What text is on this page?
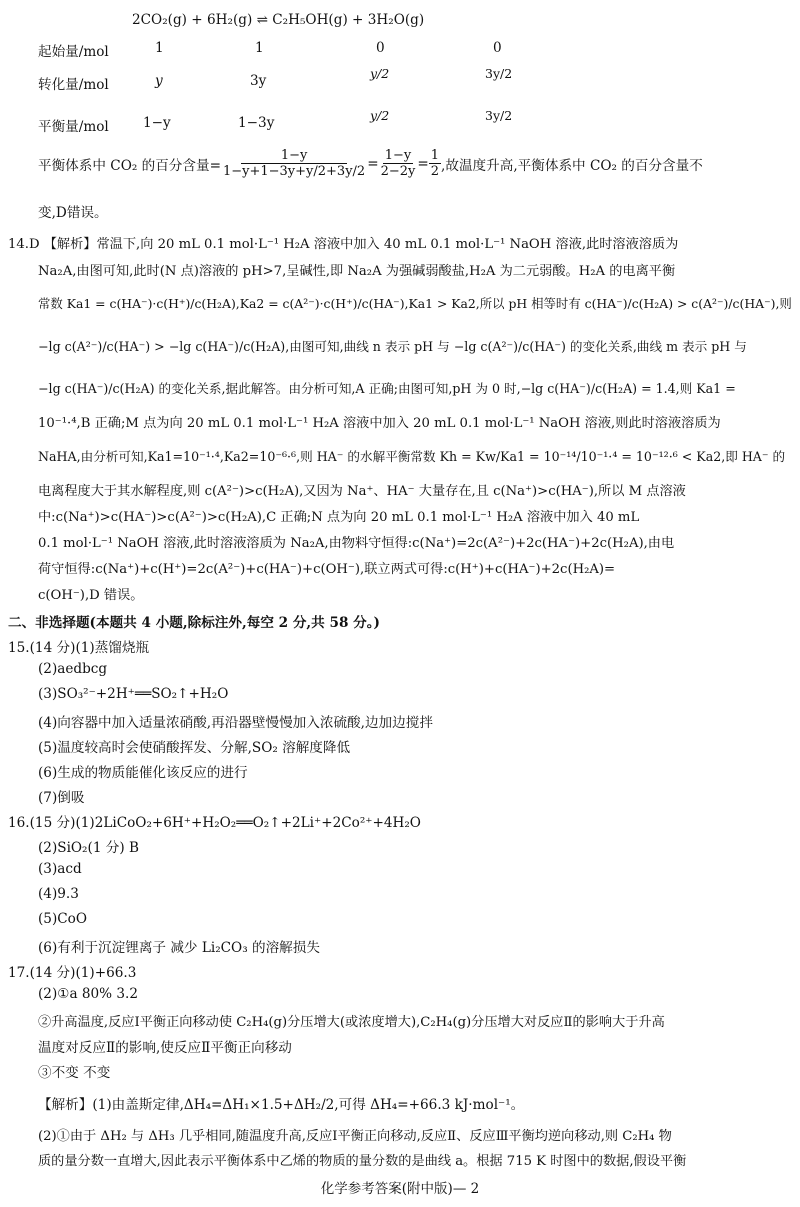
2CO₂(g) + 6H₂(g) ⇌ C₂H₅OH(g) + 3H₂O(g)
起始量/mol	1	1	0	0
转化量/mol	y	3y	y/2	3y/2
平衡量/mol	1−y	1−3y	y/2	3y/2
平衡体系中 CO₂ 的百分含量= $\frac{1-y}{1-y+1-3y+y/2+3y/2} = \frac{1-y}{2-2y} = \frac{1}{2}$ ,故温度升高,平衡体系中 CO₂ 的百分含量不
变,D错误。
14.D 【解析】常温下,向 20 mL 0.1 mol·L⁻¹ H₂A 溶液中加入 40 mL 0.1 mol·L⁻¹ NaOH 溶液,此时溶液溶质为
Na₂A,由图可知,此时(N 点)溶液的 pH>7,呈碱性,即 Na₂A 为强碱弱酸盐,H₂A 为二元弱酸。H₂A 的电离平衡
常数 Ka1 = c(HA⁻)·c(H⁺)/c(H₂A),Ka2 = c(A²⁻)·c(H⁺)/c(HA⁻),Ka1 > Ka2,所以 pH 相等时有 c(HA⁻)/c(H₂A) > c(A²⁻)/c(HA⁻),则
−lg c(A²⁻)/c(HA⁻) > −lg c(HA⁻)/c(H₂A),由图可知,曲线 n 表示 pH 与 −lg c(A²⁻)/c(HA⁻) 的变化关系,曲线 m 表示 pH 与
−lg c(HA⁻)/c(H₂A) 的变化关系,据此解答。由分析可知,A 正确;由图可知,pH 为 0 时,−lg c(HA⁻)/c(H₂A) = 1.4,则 Ka1 =
10⁻¹·⁴,B 正确;M 点为向 20 mL 0.1 mol·L⁻¹ H₂A 溶液中加入 20 mL 0.1 mol·L⁻¹ NaOH 溶液,则此时溶液溶质为
NaHA,由分析可知,Ka1=10⁻¹·⁴,Ka2=10⁻⁶·⁶,则 HA⁻ 的水解平衡常数 Kh = Kw/Ka1 = 10⁻¹⁴/10⁻¹·⁴ = 10⁻¹²·⁶ < Ka2,即 HA⁻ 的
电离程度大于其水解程度,则 c(A²⁻)>c(H₂A),又因为 Na⁺、HA⁻ 大量存在,且 c(Na⁺)>c(HA⁻),所以 M 点溶液
中:c(Na⁺)>c(HA⁻)>c(A²⁻)>c(H₂A),C 正确;N 点为向 20 mL 0.1 mol·L⁻¹ H₂A 溶液中加入 40 mL
0.1 mol·L⁻¹ NaOH 溶液,此时溶液溶质为 Na₂A,由物料守恒得:c(Na⁺)=2c(A²⁻)+2c(HA⁻)+2c(H₂A),由电
荷守恒得:c(Na⁺)+c(H⁺)=2c(A²⁻)+c(HA⁻)+c(OH⁻),联立两式可得:c(H⁺)+c(HA⁻)+2c(H₂A)=
c(OH⁻),D 错误。
二、非选择题(本题共 4 小题,除标注外,每空 2 分,共 58 分。)
15.(14 分)(1)蒸馏烧瓶
(2)aedbcg
(3)SO₃²⁻+2H⁺══SO₂↑+H₂O
(4)向容器中加入适量浓硝酸,再沿器壁慢慢加入浓硫酸,边加边搅拌
(5)温度较高时会使硝酸挥发、分解,SO₂ 溶解度降低
(6)生成的物质能催化该反应的进行
(7)倒吸
16.(15 分)(1)2LiCoO₂+6H⁺+H₂O₂══O₂↑+2Li⁺+2Co²⁺+4H₂O
(2)SiO₂(1 分) B
(3)acd
(4)9.3
(5)CoO
(6)有利于沉淀锂离子 减少 Li₂CO₃ 的溶解损失
17.(14 分)(1)+66.3
(2)①a 80% 3.2
②升高温度,反应Ⅰ平衡正向移动使 C₂H₄(g)分压增大(或浓度增大),C₂H₄(g)分压增大对反应Ⅱ的影响大于升高
温度对反应Ⅱ的影响,使反应Ⅱ平衡正向移动
③不变 不变
【解析】(1)由盖斯定律,ΔH₄=ΔH₁×1.5+ΔH₂/2,可得 ΔH₄=+66.3 kJ·mol⁻¹。
(2)①由于 ΔH₂ 与 ΔH₃ 几乎相同,随温度升高,反应Ⅰ平衡正向移动,反应Ⅱ、反应Ⅲ平衡均逆向移动,则 C₂H₄ 物
质的量分数一直增大,因此表示平衡体系中乙烯的物质的量分数的是曲线 a。根据 715 K 时图中的数据,假设平衡
化学参考答案(附中版)— 2
